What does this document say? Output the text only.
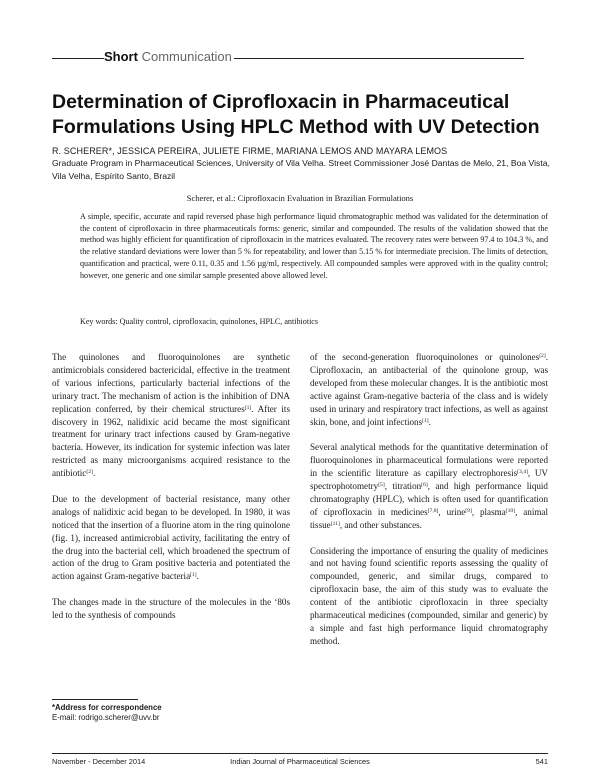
Short Communication
Determination of Ciprofloxacin in Pharmaceutical Formulations Using HPLC Method with UV Detection
R. SCHERER*, JESSICA PEREIRA, JULIETE FIRME, MARIANA LEMOS AND MAYARA LEMOS
Graduate Program in Pharmaceutical Sciences, University of Vila Velha. Street Commissioner José Dantas de Melo, 21, Boa Vista, Vila Velha, Espírito Santo, Brazil
Scherer, et al.: Ciprofloxacin Evaluation in Brazilian Formulations
A simple, specific, accurate and rapid reversed phase high performance liquid chromatographic method was validated for the determination of the content of ciprofloxacin in three pharmaceuticals forms: generic, similar and compounded. The results of the validation showed that the method was highly efficient for quantification of ciprofloxacin in the matrices evaluated. The recovery rates were between 97.4 to 104.3 %, and the relative standard deviations were lower than 5 % for repeatability, and lower than 5.15 % for intermediate precision. The limits of detection, quantification and practical, were 0.11, 0.35 and 1.56 µg/ml, respectively. All compounded samples were approved with in the quality control; however, one generic and one similar sample presented above allowed level.
Key words: Quality control, ciprofloxacin, quinolones, HPLC, antibiotics

The quinolones and fluoroquinolones are synthetic antimicrobials considered bactericidal, effective in the treatment of various infections, particularly bacterial infections of the urinary tract. The mechanism of action is the inhibition of DNA replication conferred, by their chemical structures[1]. After its discovery in 1962, nalidixic acid became the most significant treatment for urinary tract infections caused by Gram-negative bacteria. However, its indication for systemic infection was later restricted as many microorganisms acquired resistance to the antibiotic[2].

Due to the development of bacterial resistance, many other analogs of nalidixic acid began to be developed. In 1980, it was noticed that the insertion of a fluorine atom in the ring quinolone (fig. 1), increased antimicrobial activity, facilitating the entry of the drug into the bacterial cell, which broadened the spectrum of action of the drug to Gram positive bacteria and potentiated the action against Gram-negative bacteria[1].

The changes made in the structure of the molecules in the ‘80s led to the synthesis of compounds

of the second-generation fluoroquinolones or quinolones[2]. Ciprofloxacin, an antibacterial of the quinolone group, was developed from these molecular changes. It is the antibiotic most active against Gram-negative bacteria of the class and is widely used in urinary and respiratory tract infections, as well as against skin, bone, and joint infections[1].

Several analytical methods for the quantitative determination of fluoroquinolones in pharmaceutical formulations were reported in the scientific literature as capillary electrophoresis[3,4], UV spectrophotometry[5], titration[6], and high performance liquid chromatography (HPLC), which is often used for quantification of ciprofloxacin in medicines[7,8], urine[9], plasma[10], animal tissue[11], and other substances.

Considering the importance of ensuring the quality of medicines and not having found scientific reports assessing the quality of compounded, generic, and similar drugs, compared to ciprofloxacin base, the aim of this study was to evaluate the content of the antibiotic ciprofloxacin in three specialty pharmaceutical medicines (compounded, similar and generic) by a simple and fast high performance liquid chromatography method.

*Address for correspondence
E-mail: rodrigo.scherer@uvv.br
November - December 2014	Indian Journal of Pharmaceutical Sciences	541
